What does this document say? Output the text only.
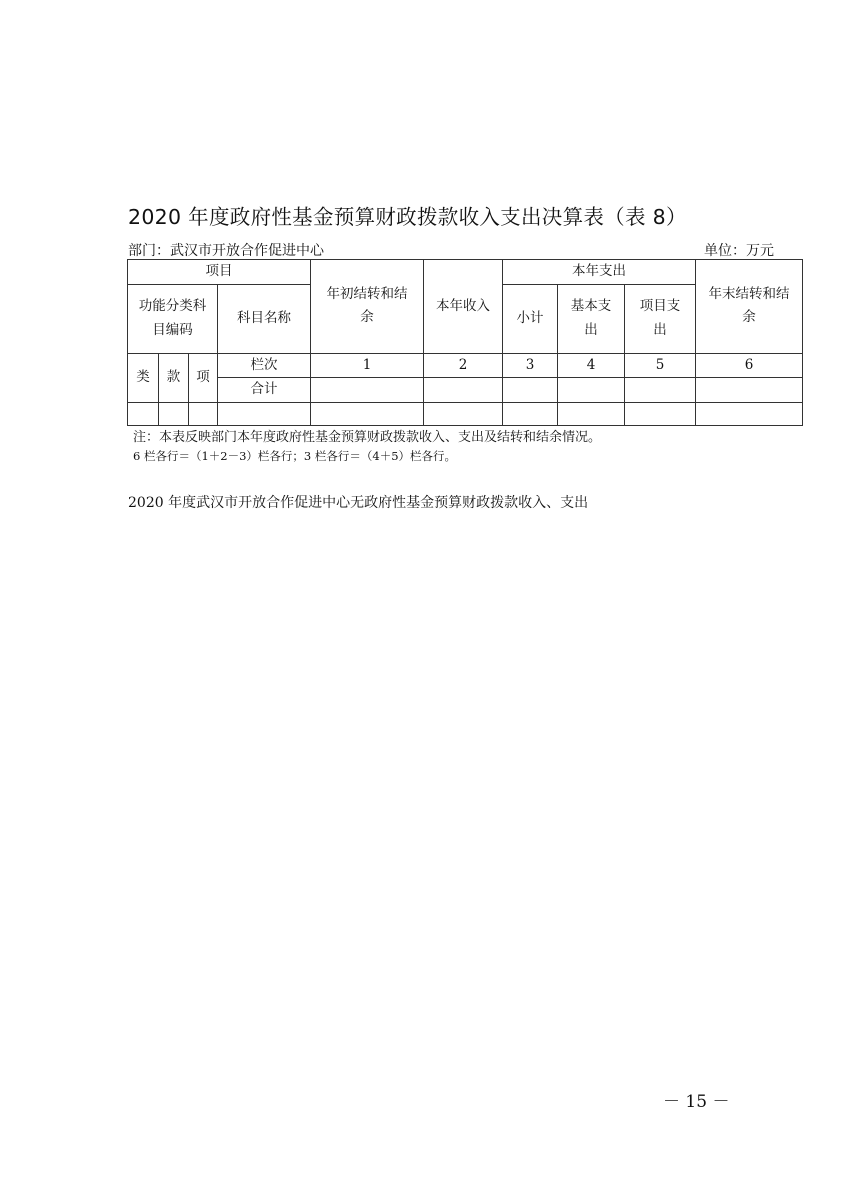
2020 年度政府性基金预算财政拨款收入支出决算表（表 8）
部门：武汉市开放合作促进中心	单位：万元
项目				年初结转和结余	本年收入	本年支出			年末结转和结余
功能分类科目编码			科目名称			小计	基本支出	项目支出	

类	款	项	栏次	1	2	3	4	5	6
			合计						

注：本表反映部门本年度政府性基金预算财政拨款收入、支出及结转和结余情况。
6 栏各行＝（1＋2－3）栏各行；3 栏各行＝（4＋5）栏各行。
2020 年度武汉市开放合作促进中心无政府性基金预算财政拨款收入、支出
－ 15 －
